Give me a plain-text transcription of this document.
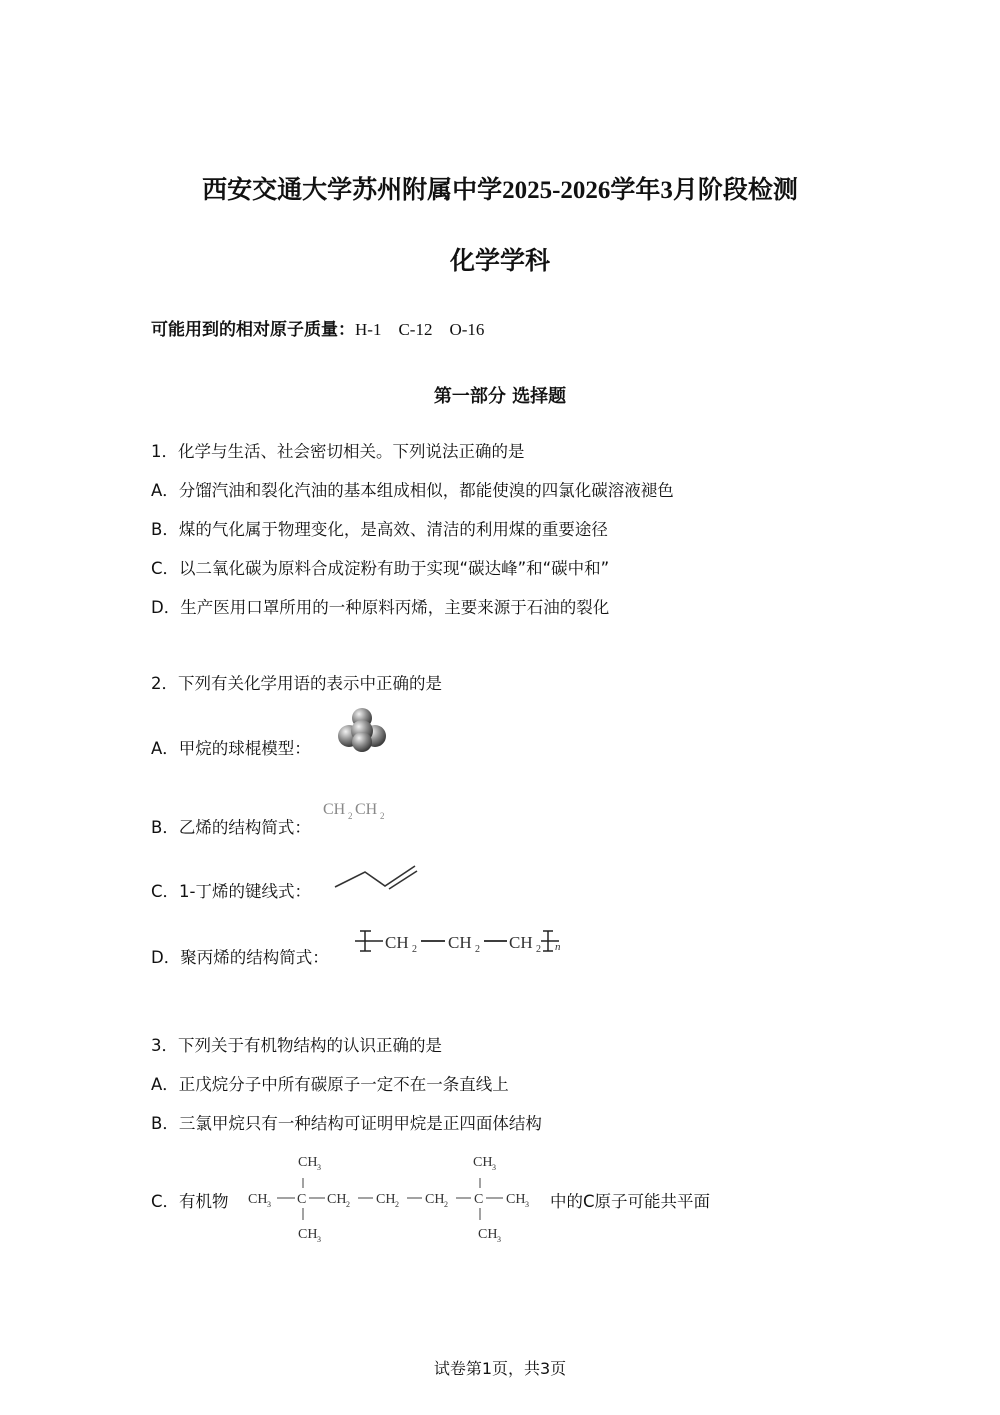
西安交通大学苏州附属中学2025-2026学年3月阶段检测
化学学科
可能用到的相对原子质量：H-1    C-12    O-16
第一部分 选择题
1．化学与生活、社会密切相关。下列说法正确的是
A．分馏汽油和裂化汽油的基本组成相似，都能使溴的四氯化碳溶液褪色
B．煤的气化属于物理变化，是高效、清洁的利用煤的重要途径
C．以二氧化碳为原料合成淀粉有助于实现“碳达峰”和“碳中和”
D．生产医用口罩所用的一种原料丙烯，主要来源于石油的裂化
2．下列有关化学用语的表示中正确的是
A．甲烷的球棍模型：
B．乙烯的结构简式：
CH 2 CH 2
C．1-丁烯的键线式：
D．聚丙烯的结构简式：
CH 2 CH 2 CH 2 n
3．下列关于有机物结构的认识正确的是
A．正戊烷分子中所有碳原子一定不在一条直线上
B．三氯甲烷只有一种结构可证明甲烷是正四面体结构
C．有机物
CH 3	CH 3
CH 3 C CH 2 CH 2 CH 2 C CH 3
CH 3	CH 3
中的C原子可能共平面
试卷第1页，共3页
